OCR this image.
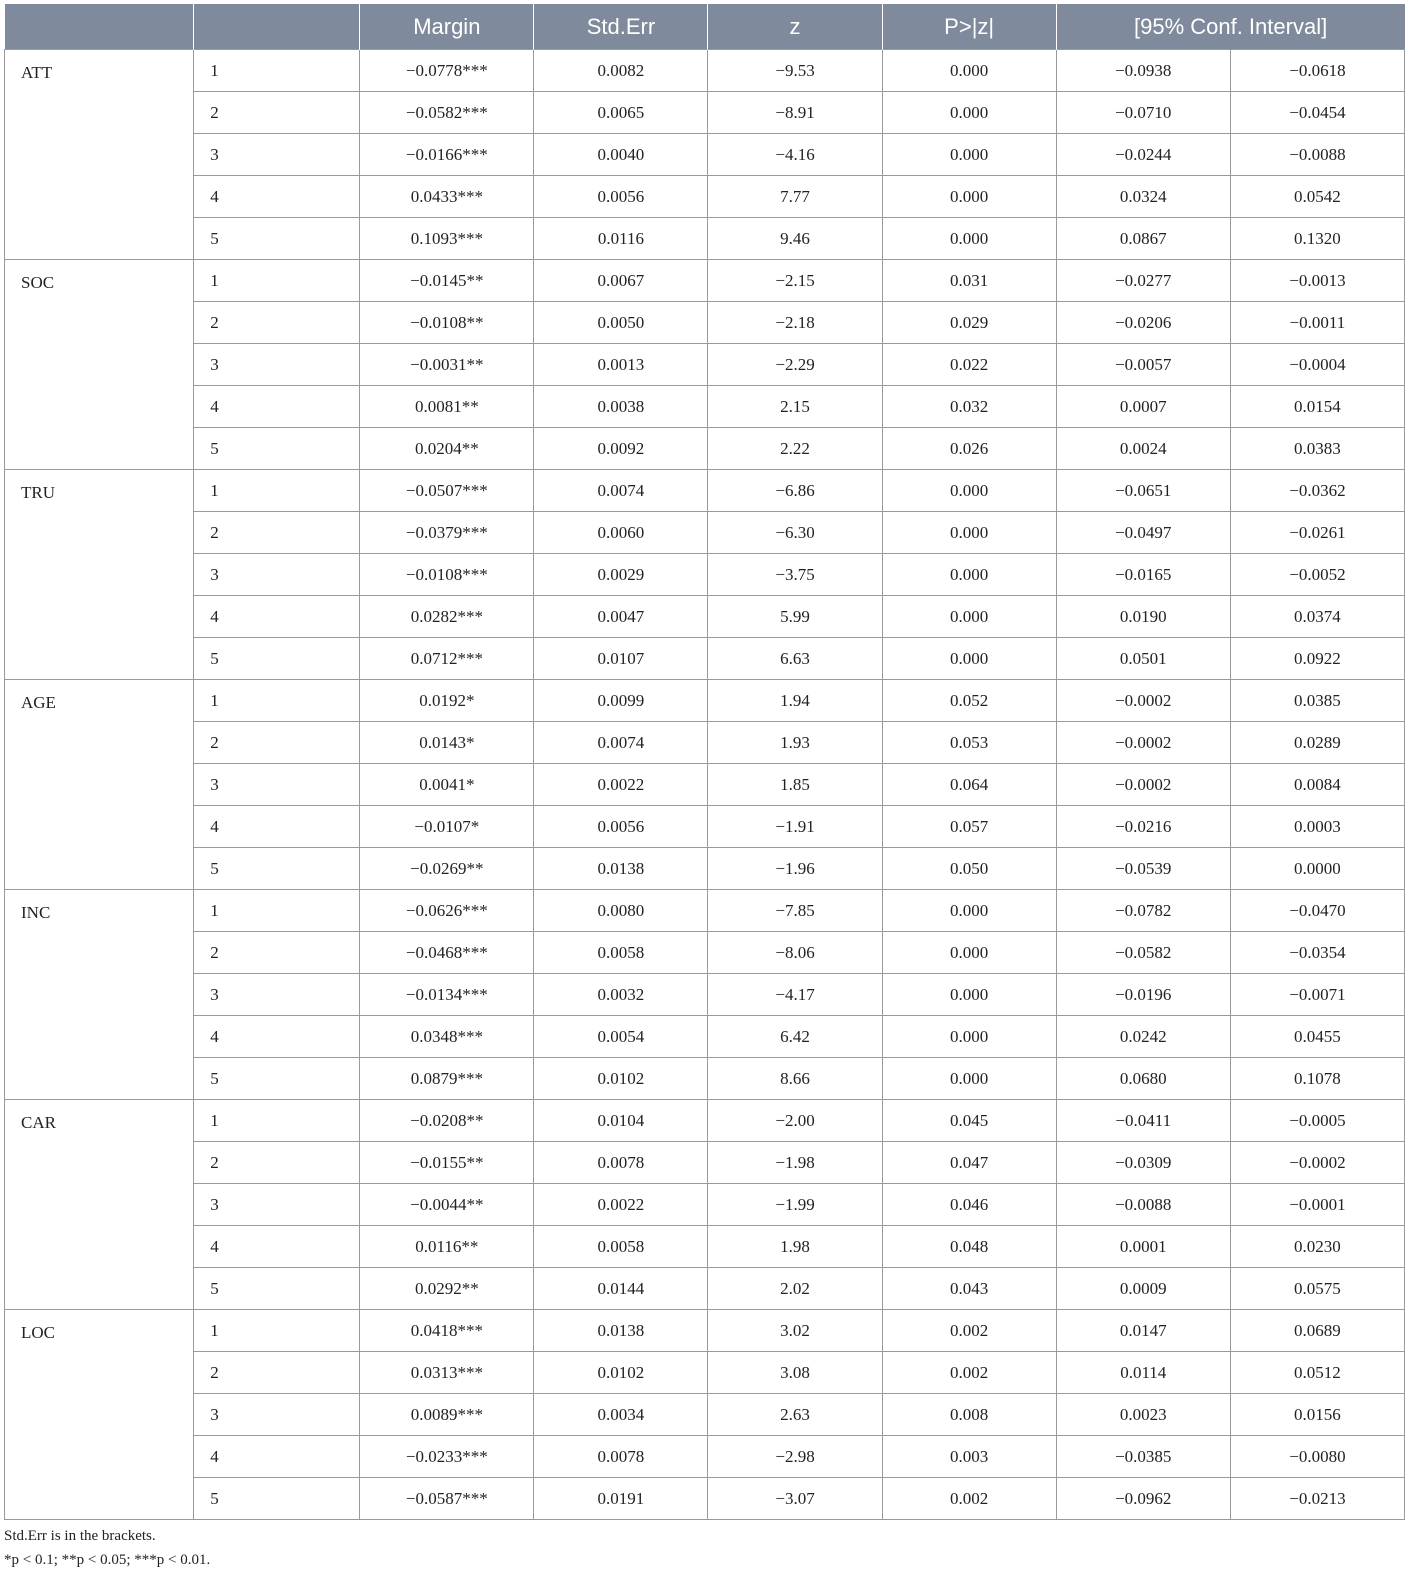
		Margin	Std.Err	z	P>|z|	[95% Conf. Interval]	
ATT	1	−0.0778***	0.0082	−9.53	0.000	−0.0938	−0.0618
	2	−0.0582***	0.0065	−8.91	0.000	−0.0710	−0.0454
	3	−0.0166***	0.0040	−4.16	0.000	−0.0244	−0.0088
	4	0.0433***	0.0056	7.77	0.000	0.0324	0.0542
	5	0.1093***	0.0116	9.46	0.000	0.0867	0.1320
SOC	1	−0.0145**	0.0067	−2.15	0.031	−0.0277	−0.0013
	2	−0.0108**	0.0050	−2.18	0.029	−0.0206	−0.0011
	3	−0.0031**	0.0013	−2.29	0.022	−0.0057	−0.0004
	4	0.0081**	0.0038	2.15	0.032	0.0007	0.0154
	5	0.0204**	0.0092	2.22	0.026	0.0024	0.0383
TRU	1	−0.0507***	0.0074	−6.86	0.000	−0.0651	−0.0362
	2	−0.0379***	0.0060	−6.30	0.000	−0.0497	−0.0261
	3	−0.0108***	0.0029	−3.75	0.000	−0.0165	−0.0052
	4	0.0282***	0.0047	5.99	0.000	0.0190	0.0374
	5	0.0712***	0.0107	6.63	0.000	0.0501	0.0922
AGE	1	0.0192*	0.0099	1.94	0.052	−0.0002	0.0385
	2	0.0143*	0.0074	1.93	0.053	−0.0002	0.0289
	3	0.0041*	0.0022	1.85	0.064	−0.0002	0.0084
	4	−0.0107*	0.0056	−1.91	0.057	−0.0216	0.0003
	5	−0.0269**	0.0138	−1.96	0.050	−0.0539	0.0000
INC	1	−0.0626***	0.0080	−7.85	0.000	−0.0782	−0.0470
	2	−0.0468***	0.0058	−8.06	0.000	−0.0582	−0.0354
	3	−0.0134***	0.0032	−4.17	0.000	−0.0196	−0.0071
	4	0.0348***	0.0054	6.42	0.000	0.0242	0.0455
	5	0.0879***	0.0102	8.66	0.000	0.0680	0.1078
CAR	1	−0.0208**	0.0104	−2.00	0.045	−0.0411	−0.0005
	2	−0.0155**	0.0078	−1.98	0.047	−0.0309	−0.0002
	3	−0.0044**	0.0022	−1.99	0.046	−0.0088	−0.0001
	4	0.0116**	0.0058	1.98	0.048	0.0001	0.0230
	5	0.0292**	0.0144	2.02	0.043	0.0009	0.0575
LOC	1	0.0418***	0.0138	3.02	0.002	0.0147	0.0689
	2	0.0313***	0.0102	3.08	0.002	0.0114	0.0512
	3	0.0089***	0.0034	2.63	0.008	0.0023	0.0156
	4	−0.0233***	0.0078	−2.98	0.003	−0.0385	−0.0080
	5	−0.0587***	0.0191	−3.07	0.002	−0.0962	−0.0213
Std.Err is in the brackets.
*p < 0.1; **p < 0.05; ***p < 0.01.
